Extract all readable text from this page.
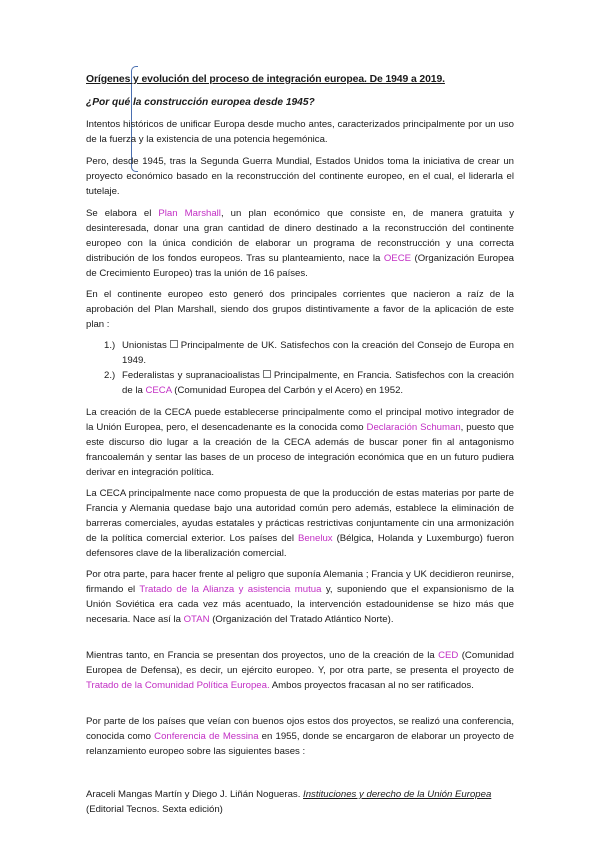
Orígenes y evolución del proceso de integración europea. De 1949 a 2019.
¿Por qué la construcción europea desde 1945?

Intentos históricos de unificar Europa desde mucho antes, caracterizados principalmente por un uso de la fuerza y la existencia de una potencia hegemónica.

Pero, desde 1945, tras la Segunda Guerra Mundial, Estados Unidos toma la iniciativa de crear un proyecto económico basado en la reconstrucción del continente europeo, en el cual, el liderarla el tutelaje.

Se elabora el Plan Marshall, un plan económico que consiste en, de manera gratuita y desinteresada, donar una gran cantidad de dinero destinado a la reconstrucción del continente europeo con la única condición de elaborar un programa de reconstrucción y una correcta distribución de los fondos europeos. Tras su planteamiento, nace la OECE (Organización Europea de Crecimiento Europeo) tras la unión de 16 países.

En el continente europeo esto generó dos principales corrientes que nacieron a raíz de la aprobación del Plan Marshall, siendo dos grupos distintivamente a favor de la aplicación de este plan :

1.) Unionistas Principalmente de UK. Satisfechos con la creación del Consejo de Europa en 1949.
2.) Federalistas y supranacioalistas Principalmente, en Francia. Satisfechos con la creación de la CECA (Comunidad Europea del Carbón y el Acero) en 1952.

La creación de la CECA puede establecerse principalmente como el principal motivo integrador de la Unión Europea, pero, el desencadenante es la conocida como Declaración Schuman, puesto que este discurso dio lugar a la creación de la CECA además de buscar poner fin al antagonismo francoalemán y sentar las bases de un proceso de integración económica que en un futuro pudiera derivar en integración política.

La CECA principalmente nace como propuesta de que la producción de estas materias por parte de Francia y Alemania quedase bajo una autoridad común pero además, establece la eliminación de barreras comerciales, ayudas estatales y prácticas restrictivas conjuntamente cin una armonización de la política comercial exterior. Los países del Benelux (Bélgica, Holanda y Luxemburgo) fueron defensores clave de la liberalización comercial.

Por otra parte, para hacer frente al peligro que suponía Alemania ; Francia y UK decidieron reunirse, firmando el Tratado de la Alianza y asistencia mutua y, suponiendo que el expansionismo de la Unión Soviética era cada vez más acentuado, la intervención estadounidense se hizo más que necesaria. Nace así la OTAN (Organización del Tratado Atlántico Norte).

Mientras tanto, en Francia se presentan dos proyectos, uno de la creación de la CED (Comunidad Europea de Defensa), es decir, un ejército europeo. Y, por otra parte, se presenta el proyecto de Tratado de la Comunidad Política Europea. Ambos proyectos fracasan al no ser ratificados.

Por parte de los países que veían con buenos ojos estos dos proyectos, se realizó una conferencia, conocida como Conferencia de Messina en 1955, donde se encargaron de elaborar un proyecto de relanzamiento europeo sobre las siguientes bases :

Araceli Mangas Martín y Diego J. Liñán Nogueras. Instituciones y derecho de la Unión Europea
(Editorial Tecnos. Sexta edición)
